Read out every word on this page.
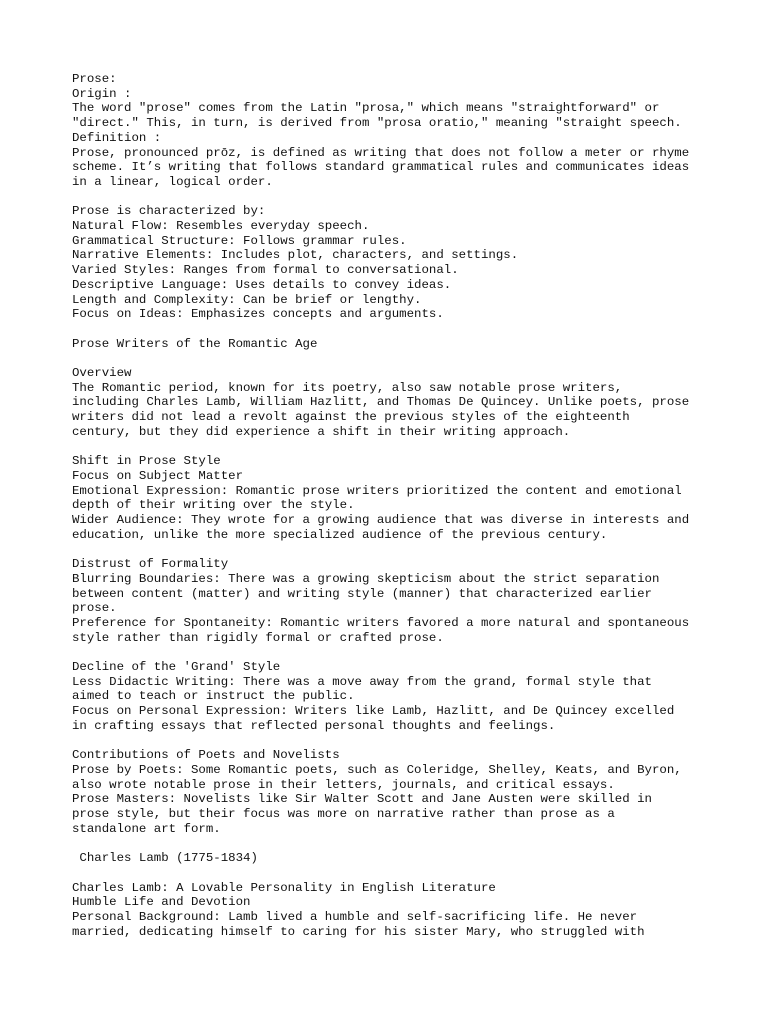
Prose:
Origin :
The word "prose" comes from the Latin "prosa," which means "straightforward" or
"direct." This, in turn, is derived from "prosa oratio," meaning "straight speech.
Definition :
Prose, pronounced prōz, is defined as writing that does not follow a meter or rhyme
scheme. It’s writing that follows standard grammatical rules and communicates ideas
in a linear, logical order.
Prose is characterized by:
Natural Flow: Resembles everyday speech.
Grammatical Structure: Follows grammar rules.
Narrative Elements: Includes plot, characters, and settings.
Varied Styles: Ranges from formal to conversational.
Descriptive Language: Uses details to convey ideas.
Length and Complexity: Can be brief or lengthy.
Focus on Ideas: Emphasizes concepts and arguments.
Prose Writers of the Romantic Age
Overview
The Romantic period, known for its poetry, also saw notable prose writers,
including Charles Lamb, William Hazlitt, and Thomas De Quincey. Unlike poets, prose
writers did not lead a revolt against the previous styles of the eighteenth
century, but they did experience a shift in their writing approach.
Shift in Prose Style
Focus on Subject Matter
Emotional Expression: Romantic prose writers prioritized the content and emotional
depth of their writing over the style.
Wider Audience: They wrote for a growing audience that was diverse in interests and
education, unlike the more specialized audience of the previous century.
Distrust of Formality
Blurring Boundaries: There was a growing skepticism about the strict separation
between content (matter) and writing style (manner) that characterized earlier
prose.
Preference for Spontaneity: Romantic writers favored a more natural and spontaneous
style rather than rigidly formal or crafted prose.
Decline of the 'Grand' Style
Less Didactic Writing: There was a move away from the grand, formal style that
aimed to teach or instruct the public.
Focus on Personal Expression: Writers like Lamb, Hazlitt, and De Quincey excelled
in crafting essays that reflected personal thoughts and feelings.
Contributions of Poets and Novelists
Prose by Poets: Some Romantic poets, such as Coleridge, Shelley, Keats, and Byron,
also wrote notable prose in their letters, journals, and critical essays.
Prose Masters: Novelists like Sir Walter Scott and Jane Austen were skilled in
prose style, but their focus was more on narrative rather than prose as a
standalone art form.
Charles Lamb (1775-1834)
Charles Lamb: A Lovable Personality in English Literature
Humble Life and Devotion
Personal Background: Lamb lived a humble and self-sacrificing life. He never
married, dedicating himself to caring for his sister Mary, who struggled with
